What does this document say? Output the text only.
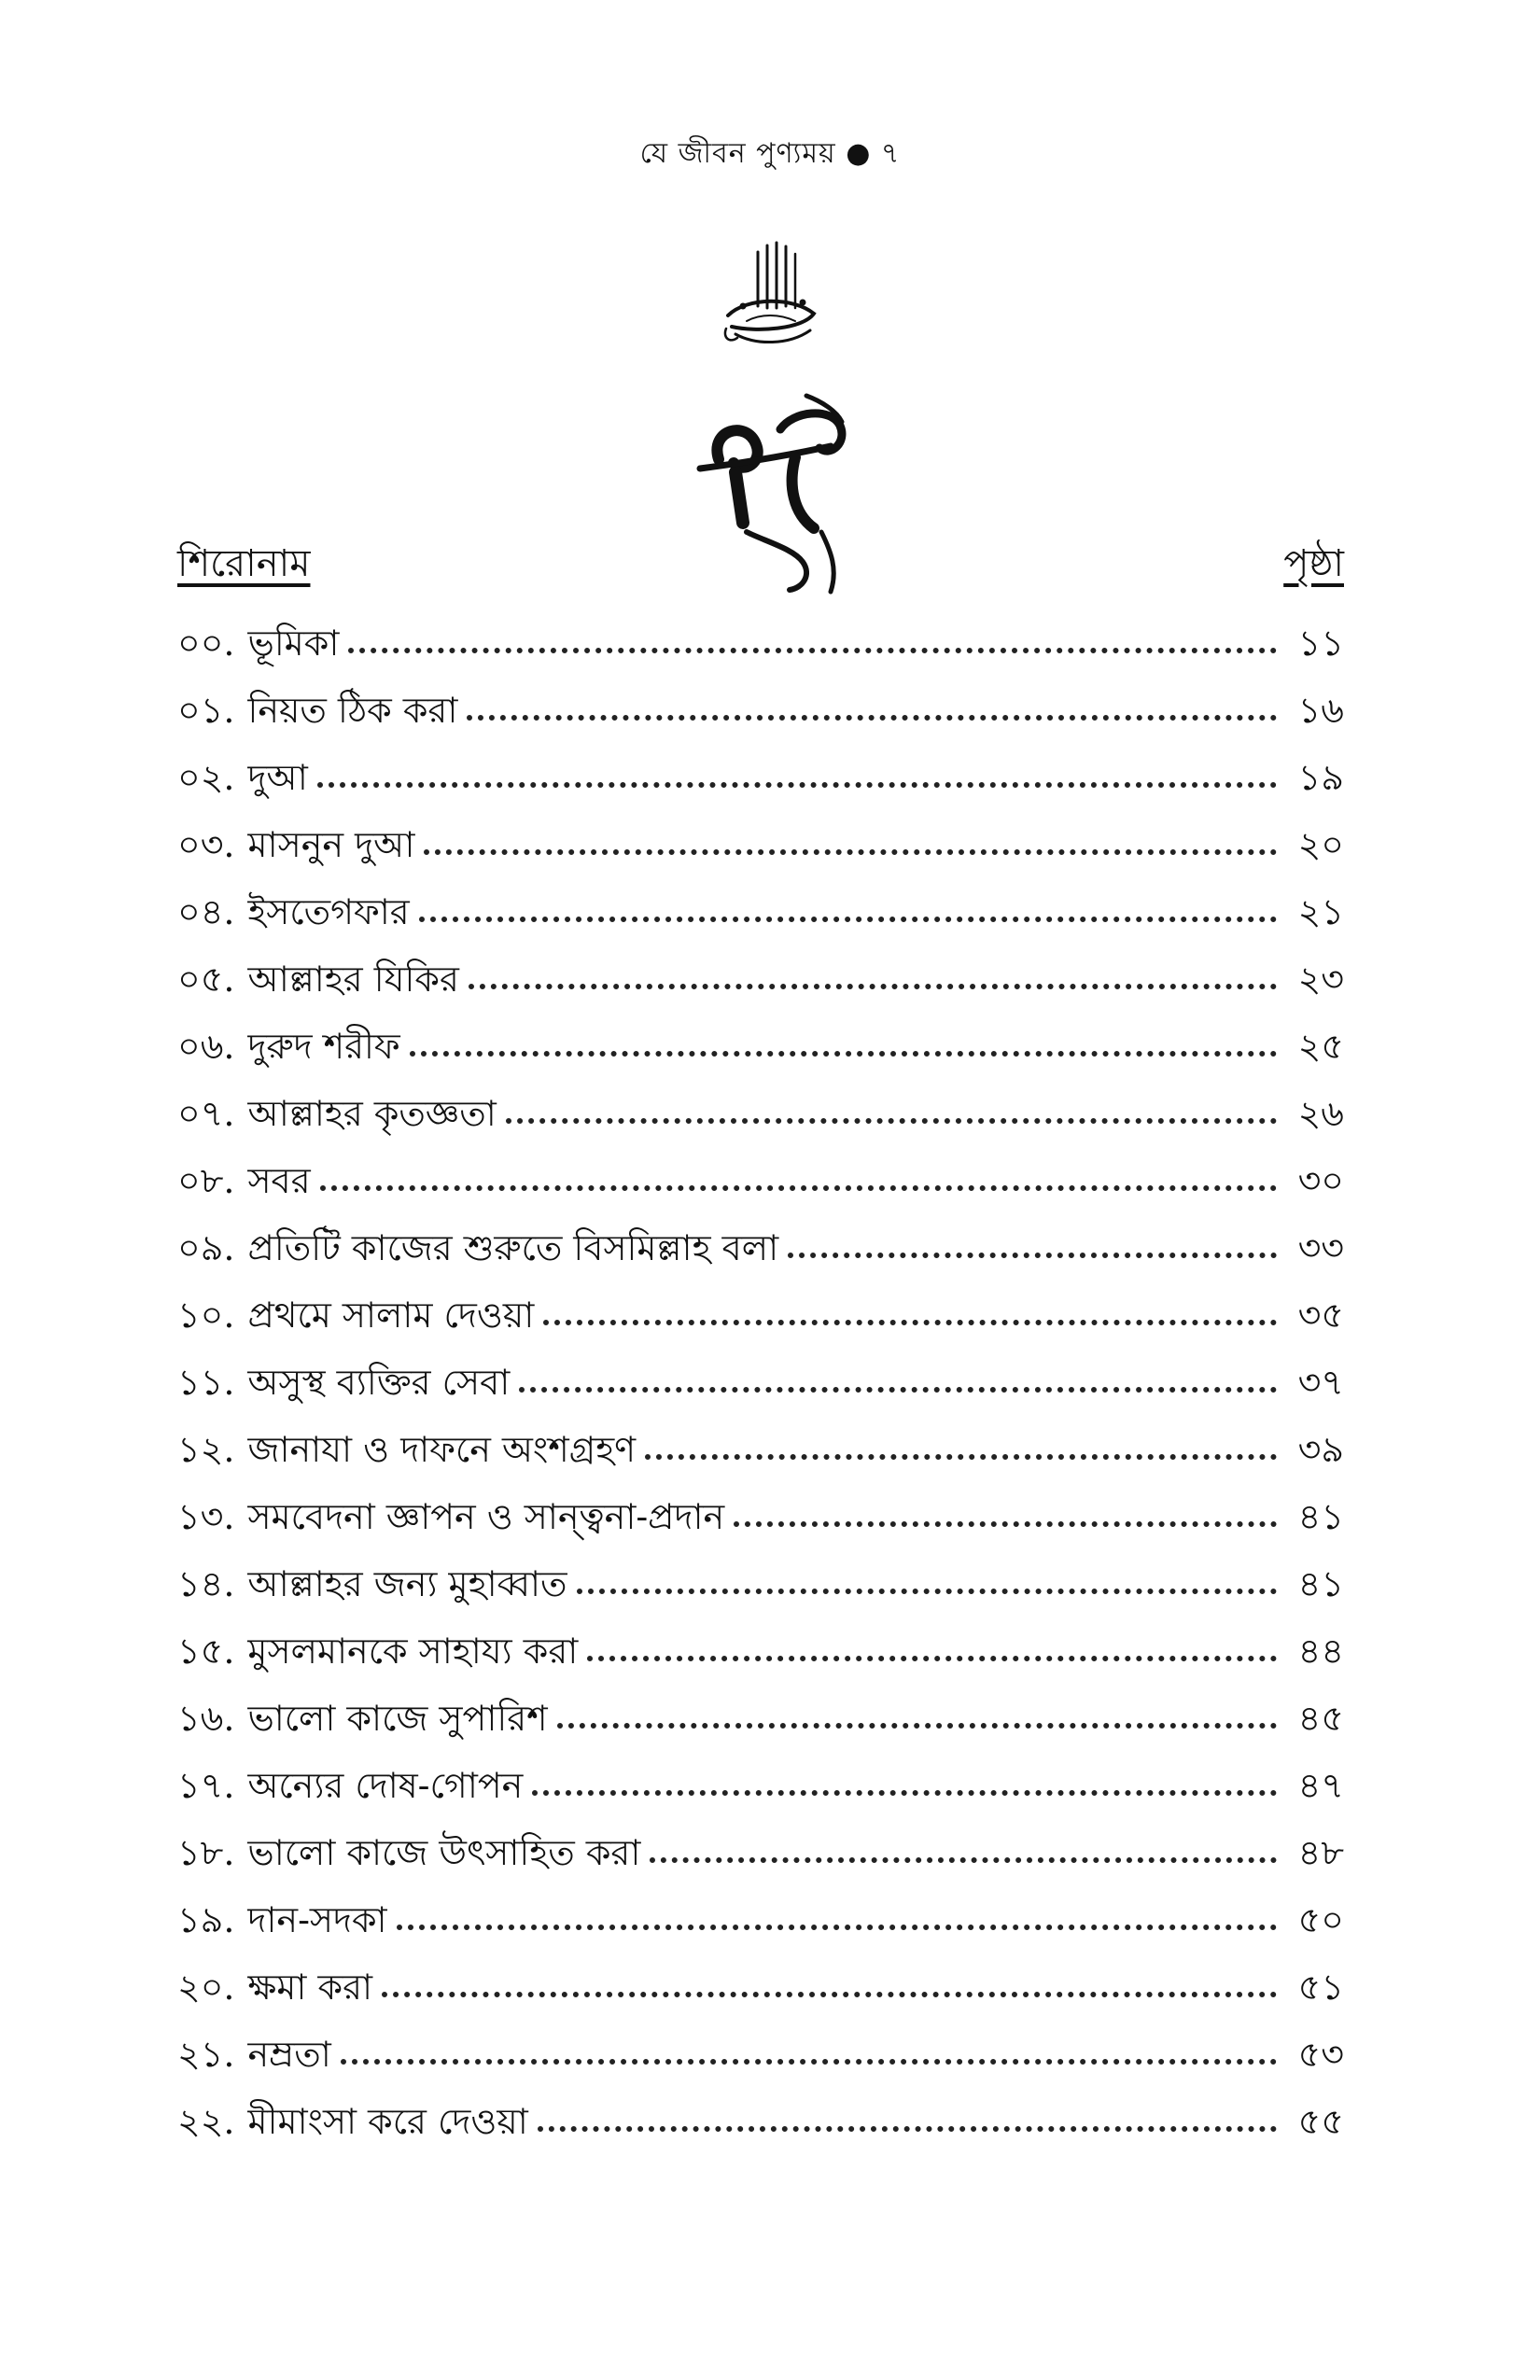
যে জীবন পুণ্যময় ● ৭
শিরোনাম	পৃষ্ঠা
০০. ভূমিকা	১১
০১. নিয়ত ঠিক করা	১৬
০২. দুআ	১৯
০৩. মাসনুন দুআ	২০
০৪. ইসতেগফার	২১
০৫. আল্লাহর যিকির	২৩
০৬. দুরুদ শরীফ	২৫
০৭. আল্লাহর কৃতজ্ঞতা	২৬
০৮. সবর	৩০
০৯. প্রতিটি কাজের শুরুতে বিসমিল্লাহ বলা	৩৩
১০. প্রথমে সালাম দেওয়া	৩৫
১১. অসুস্থ ব্যক্তির সেবা	৩৭
১২. জানাযা ও দাফনে অংশগ্রহণ	৩৯
১৩. সমবেদনা জ্ঞাপন ও সান্ত্বনা-প্রদান	৪১
১৪. আল্লাহর জন্য মুহাব্বাত	৪১
১৫. মুসলমানকে সাহায্য করা	৪৪
১৬. ভালো কাজে সুপারিশ	৪৫
১৭. অন্যের দোষ-গোপন	৪৭
১৮. ভালো কাজে উৎসাহিত করা	৪৮
১৯. দান-সদকা	৫০
২০. ক্ষমা করা	৫১
২১. নম্রতা	৫৩
২২. মীমাংসা করে দেওয়া	৫৫
